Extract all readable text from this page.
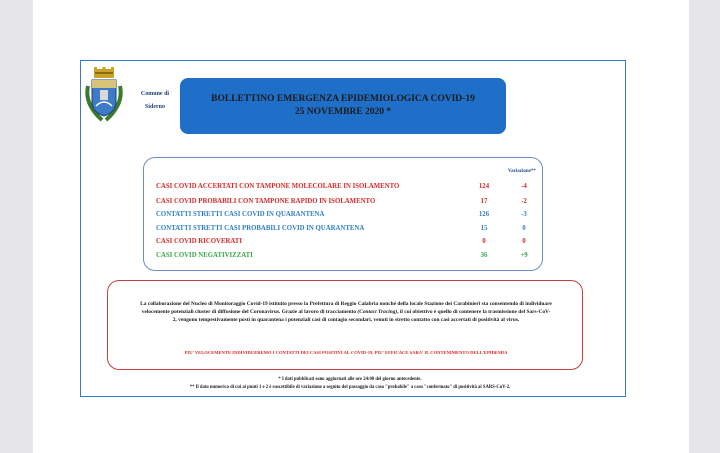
Comune di
Siderno
BOLLETTINO EMERGENZA EPIDEMIOLOGICA COVID-19
25 NOVEMBRE 2020 *
Variazione**
CASI COVID ACCERTATI CON TAMPONE MOLECOLARE IN ISOLAMENTO	124	-4
CASI COVID PROBABILI CON TAMPONE RAPIDO IN ISOLAMENTO	17	-2
CONTATTI STRETTI CASI COVID IN QUARANTENA	126	-3
CONTATTI STRETTI CASI PROBABILI COVID IN QUARANTENA	15	0
CASI COVID RICOVERATI	0	0
CASI COVID NEGATIVIZZATI	36	+9
La collaborazione del Nucleo di Monitoraggio Covid-19 istituito presso la Prefettura di Reggio Calabria nonché della locale Stazione dei Carabinieri sta consentendo di individuare velocemente potenziali cluster di diffusione del Coronavirus. Grazie al lavoro di tracciamento (Contact Tracing), il cui obiettivo è quello di contenere la trasmissione del Sars-CoV-2, vengono tempestivamente posti in quarantena i potenziali casi di contagio secondari, venuti in stretto contatto con casi accertati di positività al virus.
PIU' VELOCEMENTE INDIVIDUEREMO I CONTATTI DEI CASI POSITIVI AL COVID-19, PIU' EFFICACE SARA' IL CONTENIMENTO DELL'EPIDEMIA
* I dati pubblicati sono aggiornati alle ore 24:00 del giorno antecedente.
** Il dato numerico di cui ai punti 1 e 2 è suscettibile di variazione a seguito del passaggio da caso "probabile" a caso "confermato" di positività al SARS-CoV-2.
